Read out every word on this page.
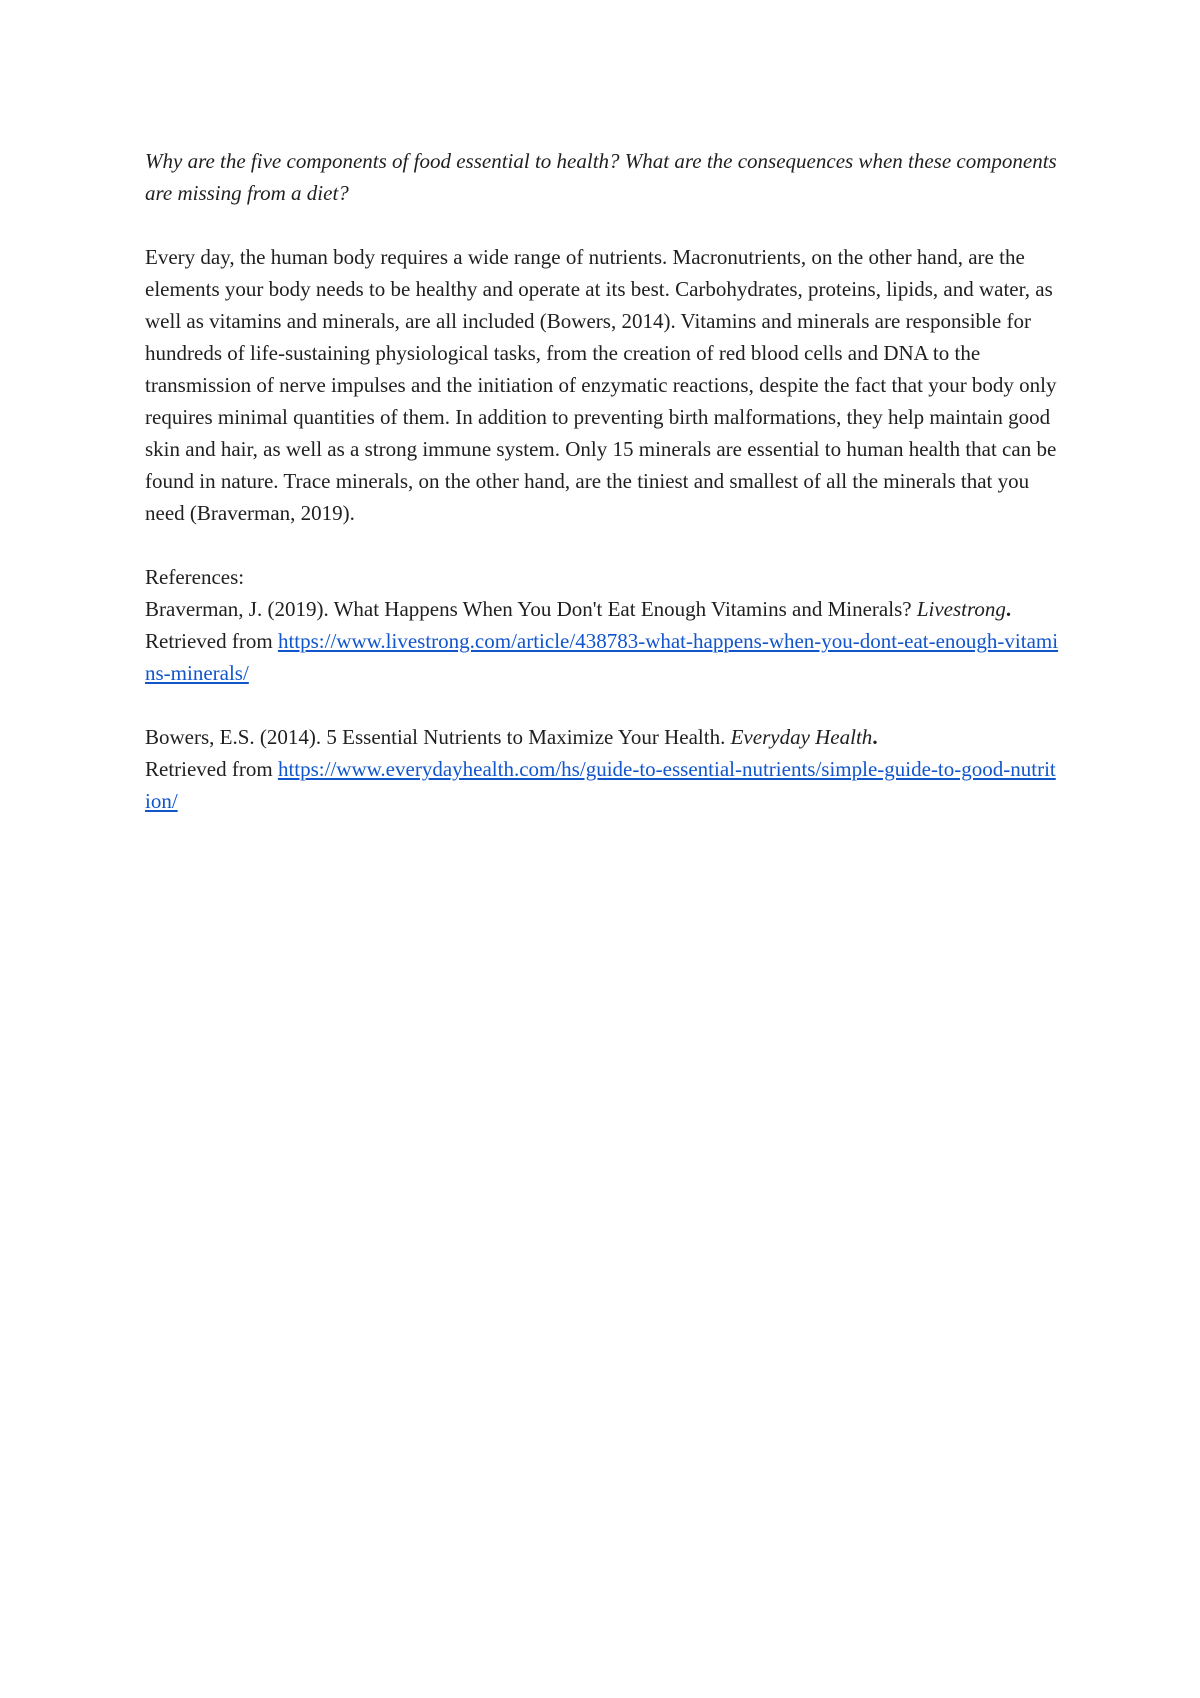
Why are the five components of food essential to health? What are the consequences when these components are missing from a diet?

Every day, the human body requires a wide range of nutrients. Macronutrients, on the other hand, are the elements your body needs to be healthy and operate at its best. Carbohydrates, proteins, lipids, and water, as well as vitamins and minerals, are all included (Bowers, 2014). Vitamins and minerals are responsible for hundreds of life-sustaining physiological tasks, from the creation of red blood cells and DNA to the transmission of nerve impulses and the initiation of enzymatic reactions, despite the fact that your body only requires minimal quantities of them. In addition to preventing birth malformations, they help maintain good skin and hair, as well as a strong immune system. Only 15 minerals are essential to human health that can be found in nature. Trace minerals, on the other hand, are the tiniest and smallest of all the minerals that you need (Braverman, 2019).

References:

Braverman, J. (2019). What Happens When You Don't Eat Enough Vitamins and Minerals? Livestrong. Retrieved from https://www.livestrong.com/article/438783-what-happens-when-you-dont-eat-enough-vitamins-minerals/

Bowers, E.S. (2014). 5 Essential Nutrients to Maximize Your Health. Everyday Health.
Retrieved from https://www.everydayhealth.com/hs/guide-to-essential-nutrients/simple-guide-to-good-nutrition/
